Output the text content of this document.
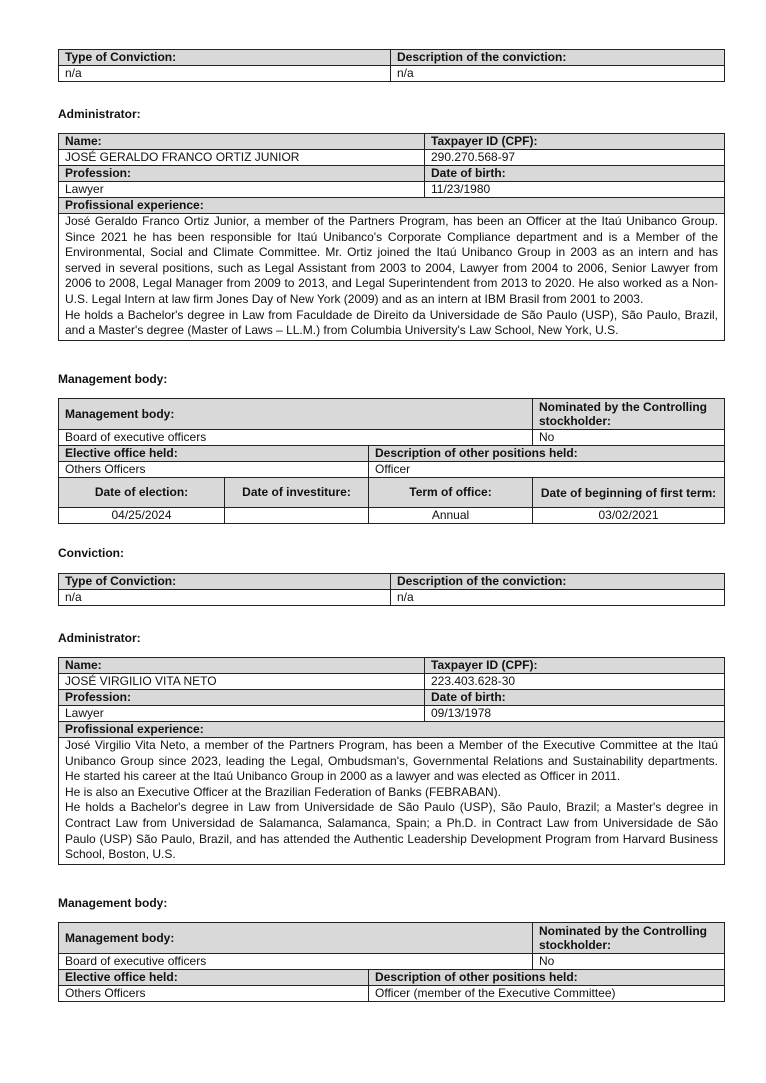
Type of Conviction:	Description of the conviction:
n/a	n/a
Administrator:
Name:	Taxpayer ID (CPF):
JOSÉ GERALDO FRANCO ORTIZ JUNIOR	290.270.568-97
Profession:	Date of birth:
Lawyer	11/23/1980
Profissional experience:	

José Geraldo Franco Ortiz Junior, a member of the Partners Program, has been an Officer at the Itaú Unibanco Group. Since 2021 he has been responsible for Itaú Unibanco's Corporate Compliance department and is a Member of the Environmental, Social and Climate Committee. Mr. Ortiz joined the Itaú Unibanco Group in 2003 as an intern and has served in several positions, such as Legal Assistant from 2003 to 2004, Lawyer from 2004 to 2006, Senior Lawyer from 2006 to 2008, Legal Manager from 2009 to 2013, and Legal Superintendent from 2013 to 2020. He also worked as a Non-U.S. Legal Intern at law firm Jones Day of New York (2009) and as an intern at IBM Brasil from 2001 to 2003.
He holds a Bachelor's degree in Law from Faculdade de Direito da Universidade de São Paulo (USP), São Paulo, Brazil, and a Master's degree (Master of Laws – LL.M.) from Columbia University's Law School, New York, U.S.	
Management body:
Management body:			Nominated by the Controlling stockholder:
Board of executive officers			No
Elective office held:		Description of other positions held:	
Others Officers		Officer	
Date of election:	Date of investiture:	Term of office:	Date of beginning of first term:
04/25/2024		Annual	03/02/2021
Conviction:
Type of Conviction:	Description of the conviction:
n/a	n/a
Administrator:
Name:	Taxpayer ID (CPF):
JOSÉ VIRGILIO VITA NETO	223.403.628-30
Profession:	Date of birth:
Lawyer	09/13/1978
Profissional experience:	

José Virgilio Vita Neto, a member of the Partners Program, has been a Member of the Executive Committee at the Itaú Unibanco Group since 2023, leading the Legal, Ombudsman's, Governmental Relations and Sustainability departments. He started his career at the Itaú Unibanco Group in 2000 as a lawyer and was elected as Officer in 2011.
He is also an Executive Officer at the Brazilian Federation of Banks (FEBRABAN).
He holds a Bachelor's degree in Law from Universidade de São Paulo (USP), São Paulo, Brazil; a Master's degree in Contract Law from Universidad de Salamanca, Salamanca, Spain; a Ph.D. in Contract Law from Universidade de São Paulo (USP) São Paulo, Brazil, and has attended the Authentic Leadership Development Program from Harvard Business School, Boston, U.S.	
Management body:
Management body:		Nominated by the Controlling stockholder:
Board of executive officers		No
Elective office held:	Description of other positions held:	
Others Officers	Officer (member of the Executive Committee)	
